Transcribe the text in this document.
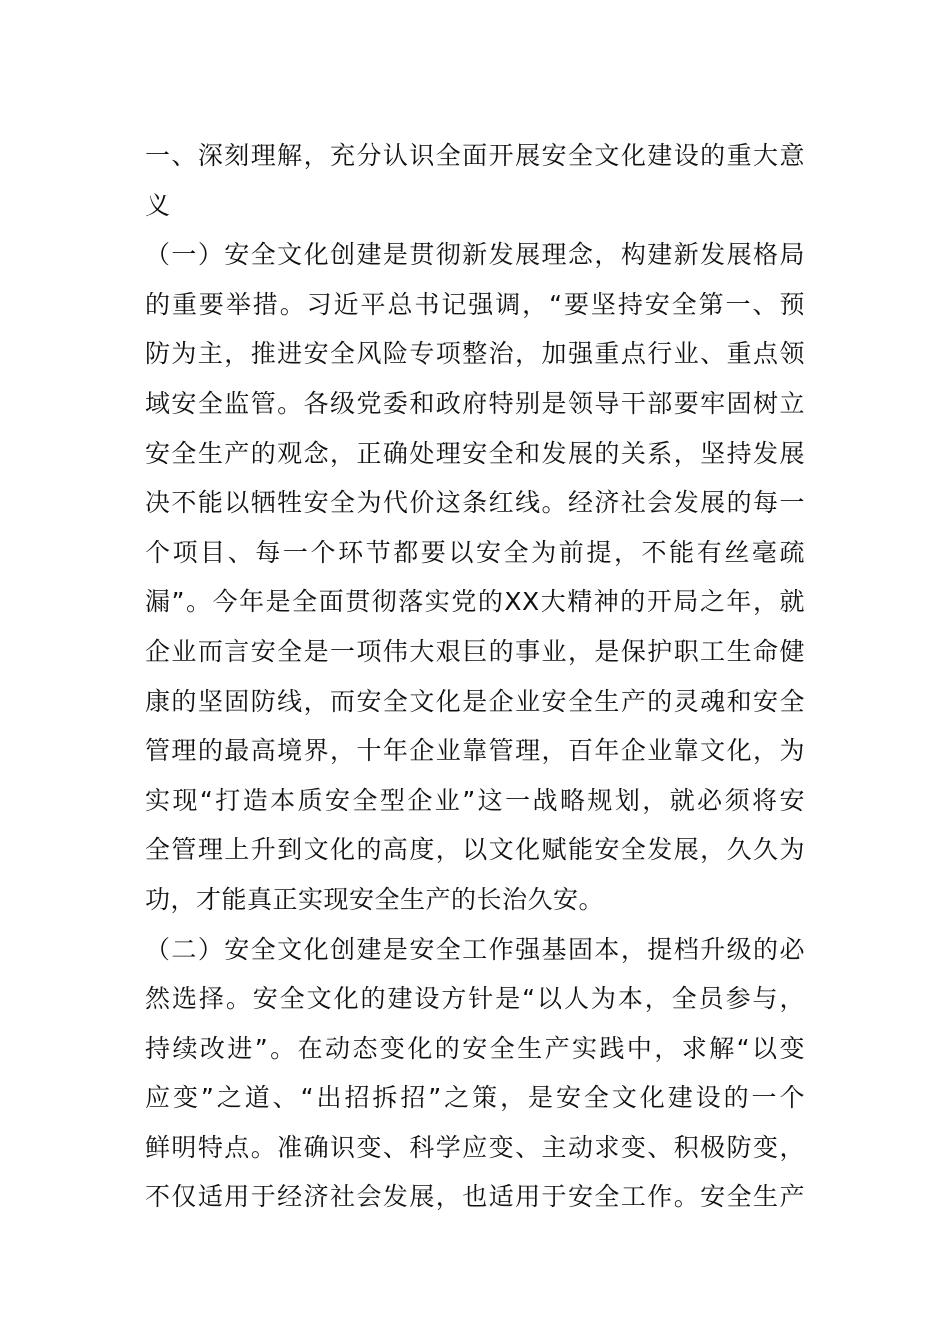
一、深刻理解，充分认识全面开展安全文化建设的重大意
义

（一）安全文化创建是贯彻新发展理念，构建新发展格局
的重要举措。习近平总书记强调，“要坚持安全第一、预
防为主，推进安全风险专项整治，加强重点行业、重点领
域安全监管。各级党委和政府特别是领导干部要牢固树立
安全生产的观念，正确处理安全和发展的关系，坚持发展
决不能以牺牲安全为代价这条红线。经济社会发展的每一
个项目、每一个环节都要以安全为前提，不能有丝毫疏
漏”。今年是全面贯彻落实党的XX大精神的开局之年，就
企业而言安全是一项伟大艰巨的事业，是保护职工生命健
康的坚固防线，而安全文化是企业安全生产的灵魂和安全
管理的最高境界，十年企业靠管理，百年企业靠文化，为
实现“打造本质安全型企业”这一战略规划，就必须将安
全管理上升到文化的高度，以文化赋能安全发展，久久为
功，才能真正实现安全生产的长治久安。

（二）安全文化创建是安全工作强基固本，提档升级的必
然选择。安全文化的建设方针是“以人为本，全员参与，
持续改进”。在动态变化的安全生产实践中，求解“以变
应变”之道、“出招拆招”之策，是安全文化建设的一个
鲜明特点。准确识变、科学应变、主动求变、积极防变，
不仅适用于经济社会发展，也适用于安全工作。安全生产
